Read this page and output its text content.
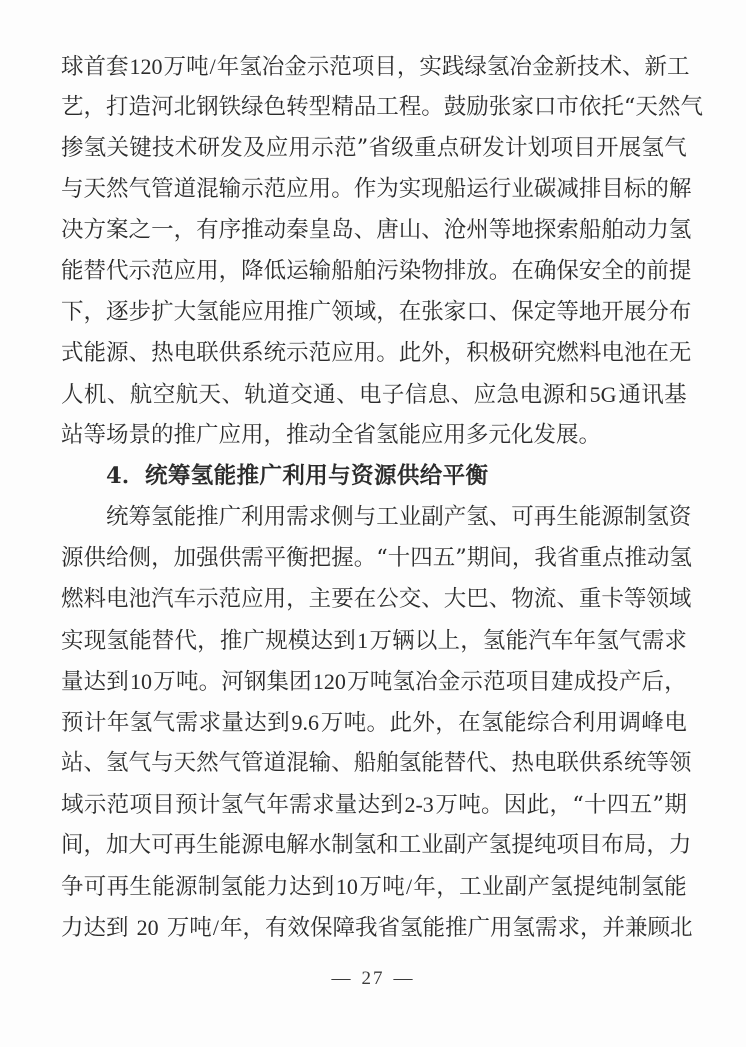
球 首 套 120 万 吨 / 年 氢 冶 金 示 范 项 目 ， 实 践 绿 氢 冶 金 新 技 术 、 新 工
艺 ， 打 造 河 北 钢 铁 绿 色 转 型 精 品 工 程 。 鼓 励 张 家 口 市 依 托 “ 天 然 气
掺 氢 关 键 技 术 研 发 及 应 用 示 范 ” 省 级 重 点 研 发 计 划 项 目 开 展 氢 气
与 天 然 气 管 道 混 输 示 范 应 用 。 作 为 实 现 船 运 行 业 碳 减 排 目 标 的 解
决 方 案 之 一 ， 有 序 推 动 秦 皇 岛 、 唐 山 、 沧 州 等 地 探 索 船 舶 动 力 氢
能 替 代 示 范 应 用 ， 降 低 运 输 船 舶 污 染 物 排 放 。 在 确 保 安 全 的 前 提
下 ， 逐 步 扩 大 氢 能 应 用 推 广 领 域 ， 在 张 家 口 、 保 定 等 地 开 展 分 布
式 能 源 、 热 电 联 供 系 统 示 范 应 用 。 此 外 ， 积 极 研 究 燃 料 电 池 在 无
人 机 、 航 空 航 天 、 轨 道 交 通 、 电 子 信 息 、 应 急 电 源 和 5G 通 讯 基
站等场景的推广应用，推动全省氢能应用多元化发展。
4．统筹氢能推广利用与资源供给平衡
统 筹 氢 能 推 广 利 用 需 求 侧 与 工 业 副 产 氢 、 可 再 生 能 源 制 氢 资
源 供 给 侧 ， 加 强 供 需 平 衡 把 握 。 “ 十 四 五 ” 期 间 ， 我 省 重 点 推 动 氢
燃 料 电 池 汽 车 示 范 应 用 ， 主 要 在 公 交 、 大 巴 、 物 流 、 重 卡 等 领 域
实 现 氢 能 替 代 ， 推 广 规 模 达 到 1 万 辆 以 上 ， 氢 能 汽 车 年 氢 气 需 求
量 达 到 10 万 吨 。 河 钢 集 团 120 万 吨 氢 冶 金 示 范 项 目 建 成 投 产 后 ，
预 计 年 氢 气 需 求 量 达 到 9.6 万 吨 。 此 外 ， 在 氢 能 综 合 利 用 调 峰 电
站 、 氢 气 与 天 然 气 管 道 混 输 、 船 舶 氢 能 替 代 、 热 电 联 供 系 统 等 领
域 示 范 项 目 预 计 氢 气 年 需 求 量 达 到 2-3 万 吨 。 因 此 ， “ 十 四 五 ” 期
间 ， 加 大 可 再 生 能 源 电 解 水 制 氢 和 工 业 副 产 氢 提 纯 项 目 布 局 ， 力
争 可 再 生 能 源 制 氢 能 力 达 到 10 万 吨 / 年 ， 工 业 副 产 氢 提 纯 制 氢 能
力达到 20 万吨/年，有效保障我省氢能推广用氢需求，并兼顾北
— 27 —
